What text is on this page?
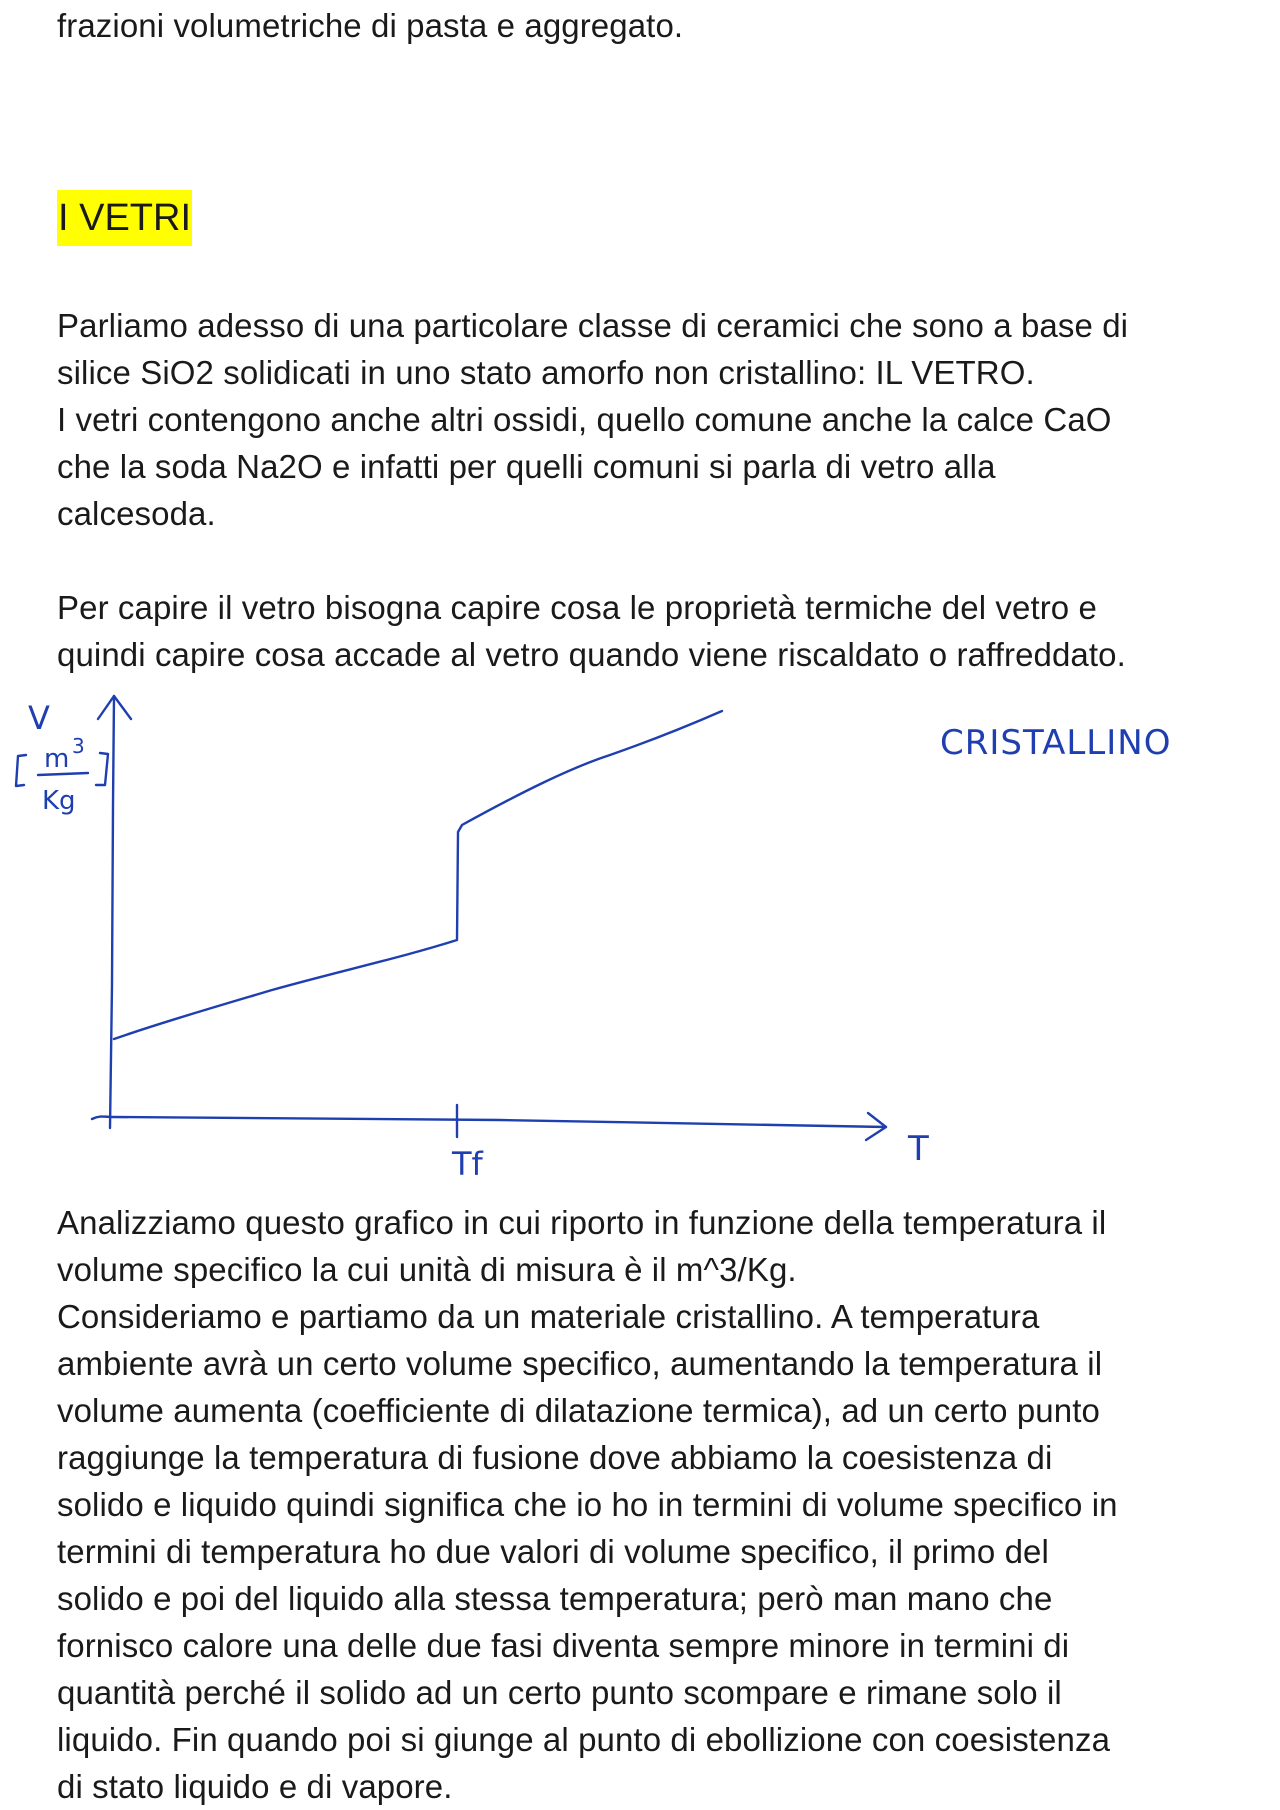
frazioni volumetriche di pasta e aggregato.

I VETRI

Parliamo adesso di una particolare classe di ceramici che sono a base di
silice SiO2 solidicati in uno stato amorfo non cristallino: IL VETRO.
I vetri contengono anche altri ossidi, quello comune anche la calce CaO
che la soda Na2O e infatti per quelli comuni si parla di vetro alla
calcesoda.

Per capire il vetro bisogna capire cosa le proprietà termiche del vetro e
quindi capire cosa accade al vetro quando viene riscaldato o raffreddato.

V
m 3
Kg
T
Tf
CRISTALLINO

Analizziamo questo grafico in cui riporto in funzione della temperatura il
volume specifico la cui unità di misura è il m^3/Kg.
Consideriamo e partiamo da un materiale cristallino. A temperatura
ambiente avrà un certo volume specifico, aumentando la temperatura il
volume aumenta (coefficiente di dilatazione termica), ad un certo punto
raggiunge la temperatura di fusione dove abbiamo la coesistenza di
solido e liquido quindi significa che io ho in termini di volume specifico in
termini di temperatura ho due valori di volume specifico, il primo del
solido e poi del liquido alla stessa temperatura; però man mano che
fornisco calore una delle due fasi diventa sempre minore in termini di
quantità perché il solido ad un certo punto scompare e rimane solo il
liquido. Fin quando poi si giunge al punto di ebollizione con coesistenza
di stato liquido e di vapore.
